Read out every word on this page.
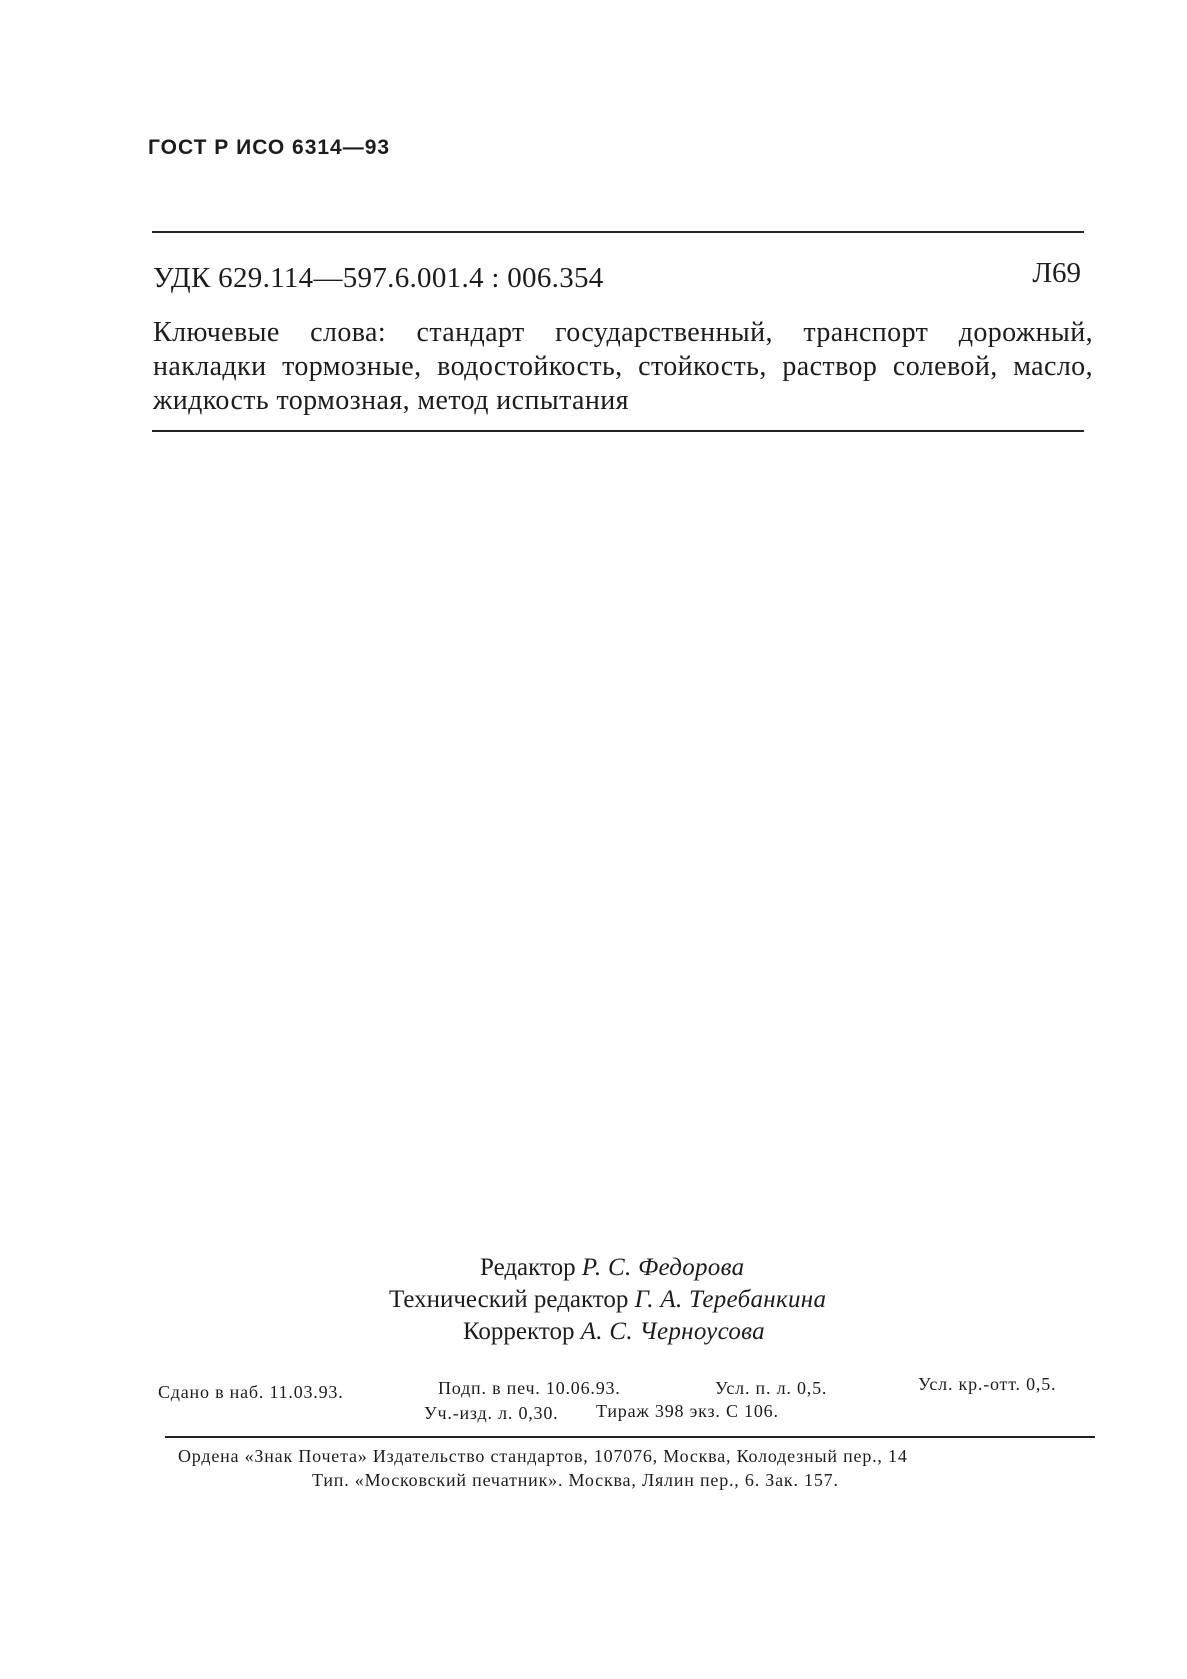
ГОСТ Р ИСО 6314—93
УДК 629.114—597.6.001.4 : 006.354	Л69
Ключевые слова: стандарт государственный, транспорт дорожный, накладки тормозные, водостойкость, стойкость, раствор солевой, масло, жидкость тормозная, метод испытания
Редактор Р. С. Федорова
Технический редактор Г. А. Теребанкина
Корректор А. С. Черноусова
Сдано в наб. 11.03.93.	Подп. в печ. 10.06.93.	Усл. п. л. 0,5.	Усл. кр.-отт. 0,5.
Уч.-изд. л. 0,30. Тираж 398 экз. С 106.
Ордена «Знак Почета» Издательство стандартов, 107076, Москва, Колодезный пер., 14
Тип. «Московский печатник». Москва, Лялин пер., 6. Зак. 157.
